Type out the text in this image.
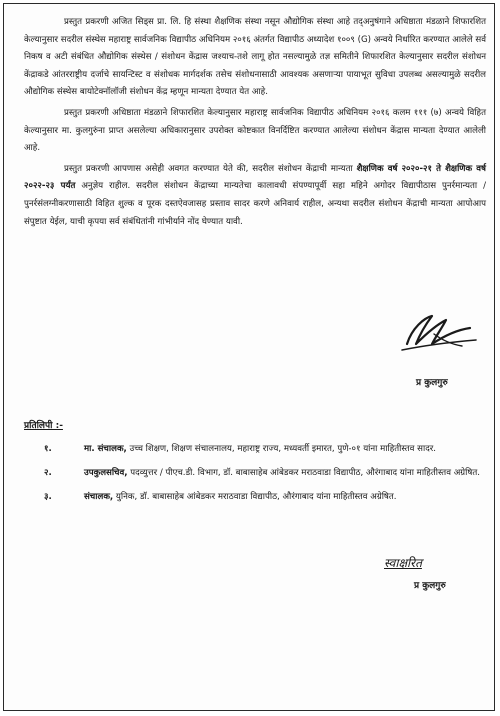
प्रस्तुत प्रकरणी अजित सिड्स प्रा. लि. हि संस्था शैक्षणिक संस्था नसून औद्योगिक संस्था आहे तद्अनुषंगाने अधिष्ठाता मंडळाने शिफारशित केल्यानुसार सदरील संस्थेस महाराष्ट्र सार्वजनिक विद्यापीठ अधिनियम २०१६ अंतर्गत विद्यापीठ अध्यादेश १००९ (G) अन्वये निर्धारित करण्यात आलेले सर्व निकष व अटी संबंधित औद्योगिक संस्थेस / संशोधन केंद्रास जश्याच-तशे लागू होत नसल्यामुळे तज्ञ समितीने शिफारशित केल्यानुसार सदरील संशोधन केंद्राकडे आंतरराष्ट्रीय दर्जाचे सायन्टिस्ट व संशोधक मार्गदर्शक तसेच संशोधनासाठी आवश्यक असणाऱ्या पायाभूत सुविधा उपलब्ध असल्यामुळे सदरील औद्योगिक संस्थेस बायोटेक्नॉलॉजी संशोधन केंद्र म्हणून मान्यता देण्यात येत आहे.

प्रस्तुत प्रकरणी अधिष्ठाता मंडळाने शिफारशित केल्यानुसार महाराष्ट्र सार्वजनिक विद्यापीठ अधिनियम २०१६ कलम १११ (७) अन्वये विहित केल्यानुसार मा. कुलगुरुंना प्राप्त असलेल्या अधिकारानुसार उपरोक्त कोष्टकात विनर्दिष्टित करण्यात आलेल्या संशोधन केंद्रास मान्यता देण्यात आलेली आहे.

प्रस्तुत प्रकरणी आपणास असेही अवगत करण्यात येते की, सदरील संशोधन केंद्राची मान्यता शैक्षणिक वर्ष २०२०-२१ ते शैक्षणिक वर्ष २०२२-२३ पर्यंत अनुज्ञेय राहील. सदरील संशोधन केंद्राच्या मान्यतेचा कालावधी संपण्यापूर्वी सहा महिने अगोदर विद्यापीठास पुनर्रमान्यता / पुनर्रसंलग्नीकरणासाठी विहित शुल्क व पूरक दस्तऐवजासह प्रस्ताव सादर करणे अनिवार्य राहील, अन्यथा सदरील संशोधन केंद्राची मान्यता आपोआप संपुष्टात येईल, याची कृपया सर्व संबंधितांनी गांभीर्याने नोंद घेण्यात यावी.

प्र कुलगुरु
प्रतिलिपी :-
१.	मा. संचालक, उच्च शिक्षण, शिक्षण संचालनालय, महाराष्ट्र राज्य, मध्यवर्ती इमारत, पुणे-०१ यांना माहितीस्तव सादर.
२.	उपकुलसचिव, पदव्युत्तर / पीएच.डी. विभाग, डॉ. बाबासाहेब आंबेडकर मराठवाडा विद्यापीठ, औरंगाबाद यांना माहितीस्तव अग्रेषित.
३.	संचालक, युनिक, डॉ. बाबासाहेब आंबेडकर मराठवाडा विद्यापीठ, औरंगाबाद यांना माहितीस्तव अग्रेषित.
स्वाक्षरित
प्र कुलगुरु
